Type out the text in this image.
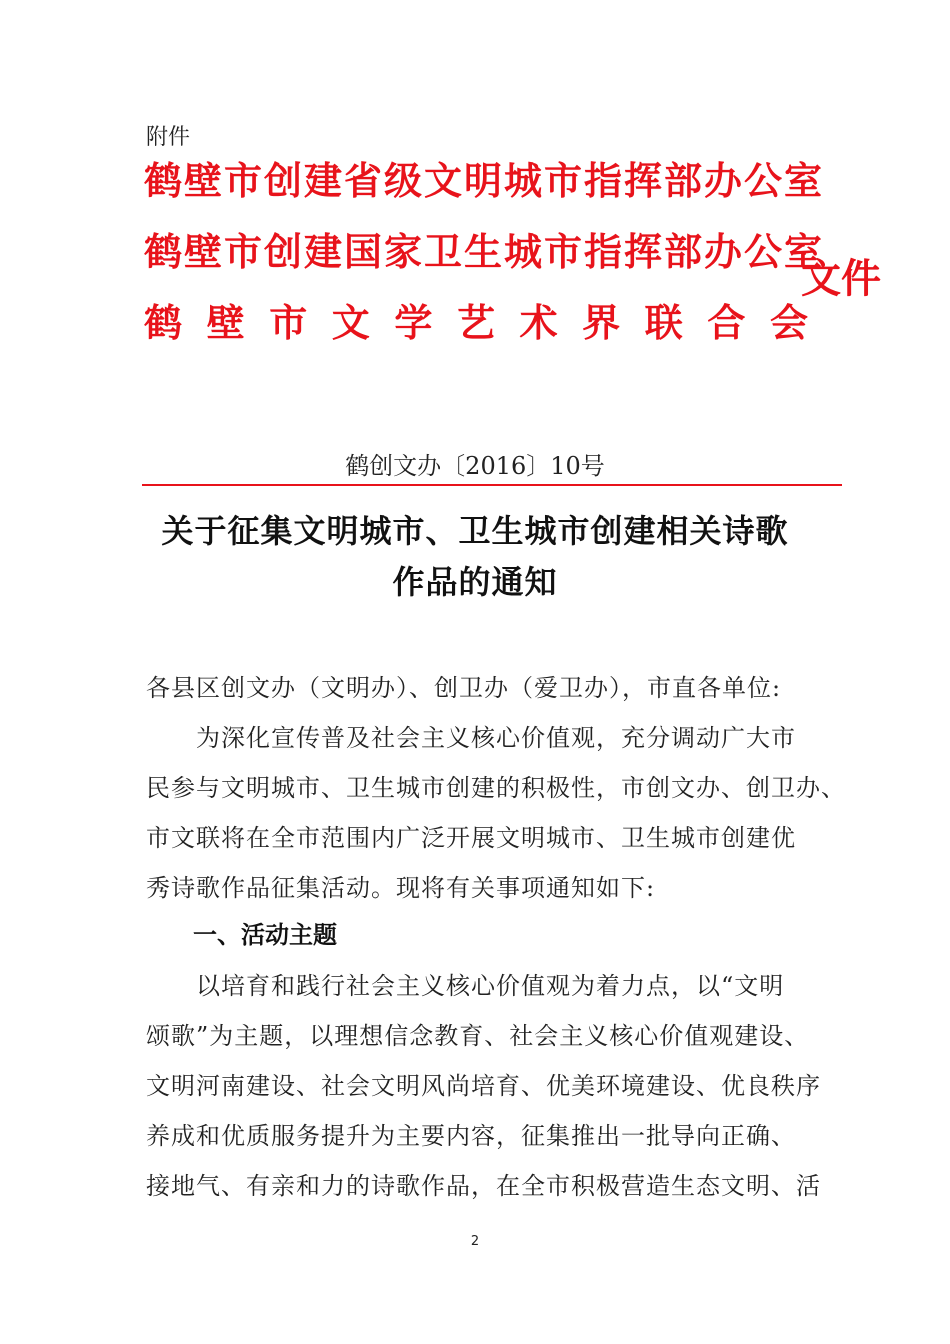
附件
鹤壁市创建省级文明城市指挥部办公室
鹤壁市创建国家卫生城市指挥部办公室
鹤 壁 市 文 学 艺 术 界 联 合 会
文件
鹤创文办〔2016〕10号
关于征集文明城市、卫生城市创建相关诗歌
作品的通知
各县区创文办（文明办）、创卫办（爱卫办），市直各单位:
　　为深化宣传普及社会主义核心价值观，充分调动广大市
民参与文明城市、卫生城市创建的积极性，市创文办、创卫办、
市文联将在全市范围内广泛开展文明城市、卫生城市创建优
秀诗歌作品征集活动。现将有关事项通知如下:
一、活动主题
　　以培育和践行社会主义核心价值观为着力点，以“文明
颂歌”为主题，以理想信念教育、社会主义核心价值观建设、
文明河南建设、社会文明风尚培育、优美环境建设、优良秩序
养成和优质服务提升为主要内容，征集推出一批导向正确、
接地气、有亲和力的诗歌作品，在全市积极营造生态文明、活
2
